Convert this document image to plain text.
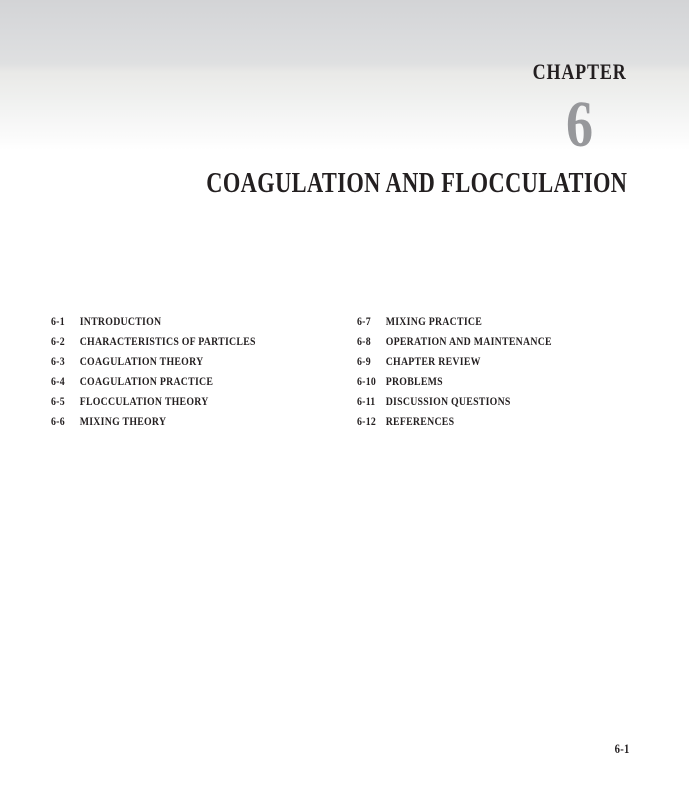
CHAPTER
6
COAGULATION AND FLOCCULATION
6-1	INTRODUCTION
6-2	CHARACTERISTICS OF PARTICLES
6-3	COAGULATION THEORY
6-4	COAGULATION PRACTICE
6-5	FLOCCULATION THEORY
6-6	MIXING THEORY
6-7	MIXING PRACTICE
6-8	OPERATION AND MAINTENANCE
6-9	CHAPTER REVIEW
6-10 PROBLEMS
6-11 DISCUSSION QUESTIONS
6-12 REFERENCES
6-1
